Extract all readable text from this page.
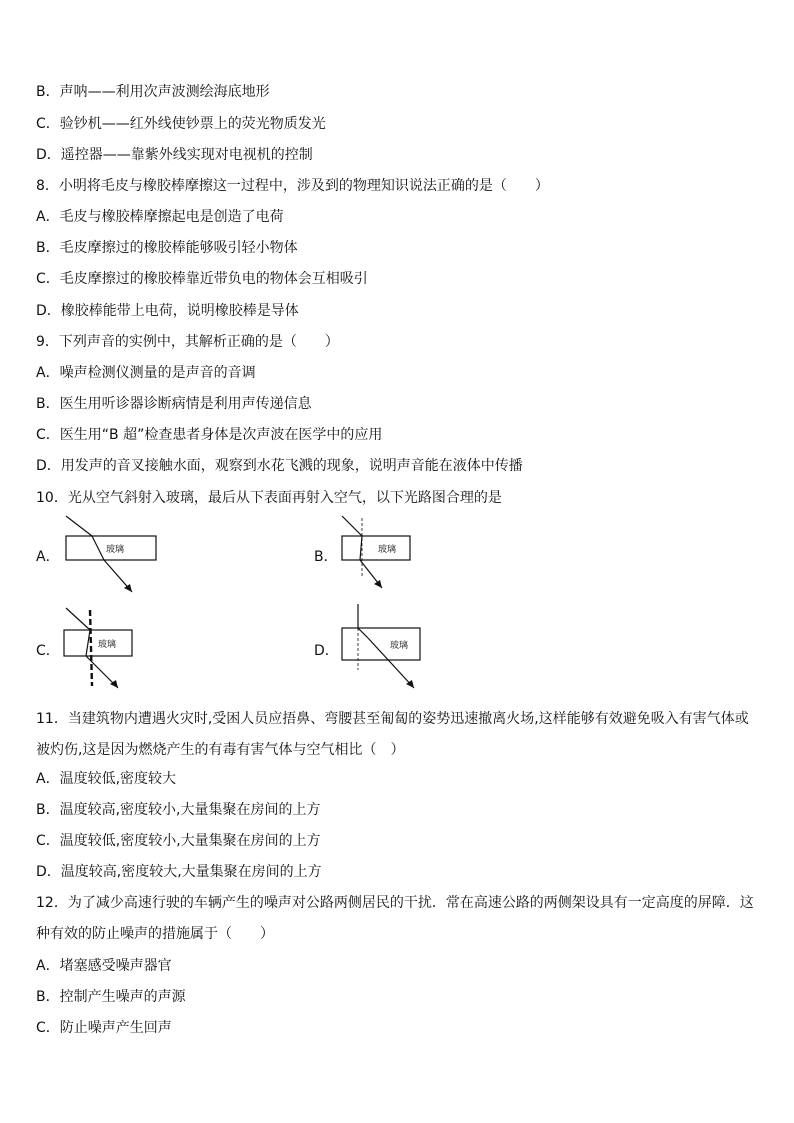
B．声呐——利用次声波测绘海底地形
C．验钞机——红外线使钞票上的荧光物质发光
D．遥控器——靠紫外线实现对电视机的控制
8．小明将毛皮与橡胶棒摩擦这一过程中，涉及到的物理知识说法正确的是（　　）
A．毛皮与橡胶棒摩擦起电是创造了电荷
B．毛皮摩擦过的橡胶棒能够吸引轻小物体
C．毛皮摩擦过的橡胶棒靠近带负电的物体会互相吸引
D．橡胶棒能带上电荷，说明橡胶棒是导体
9．下列声音的实例中，其解析正确的是（　　）
A．噪声检测仪测量的是声音的音调
B．医生用听诊器诊断病情是利用声传递信息
C．医生用“B 超”检查患者身体是次声波在医学中的应用
D．用发声的音叉接触水面，观察到水花飞溅的现象，说明声音能在液体中传播
10．光从空气斜射入玻璃，最后从下表面再射入空气，以下光路图合理的是
A．	玻璃	B．	玻璃
C．	玻璃	D．	玻璃
11．当建筑物内遭遇火灾时,受困人员应捂鼻、弯腰甚至匍匐的姿势迅速撤离火场,这样能够有效避免吸入有害气体或被灼伤,这是因为燃烧产生的有毒有害气体与空气相比（　）
A．温度较低,密度较大
B．温度较高,密度较小,大量集聚在房间的上方
C．温度较低,密度较小,大量集聚在房间的上方
D．温度较高,密度较大,大量集聚在房间的上方
12．为了减少高速行驶的车辆产生的噪声对公路两侧居民的干扰．常在高速公路的两侧架设具有一定高度的屏障．这种有效的防止噪声的措施属于（　　）
A．堵塞感受噪声器官
B．控制产生噪声的声源
C．防止噪声产生回声
